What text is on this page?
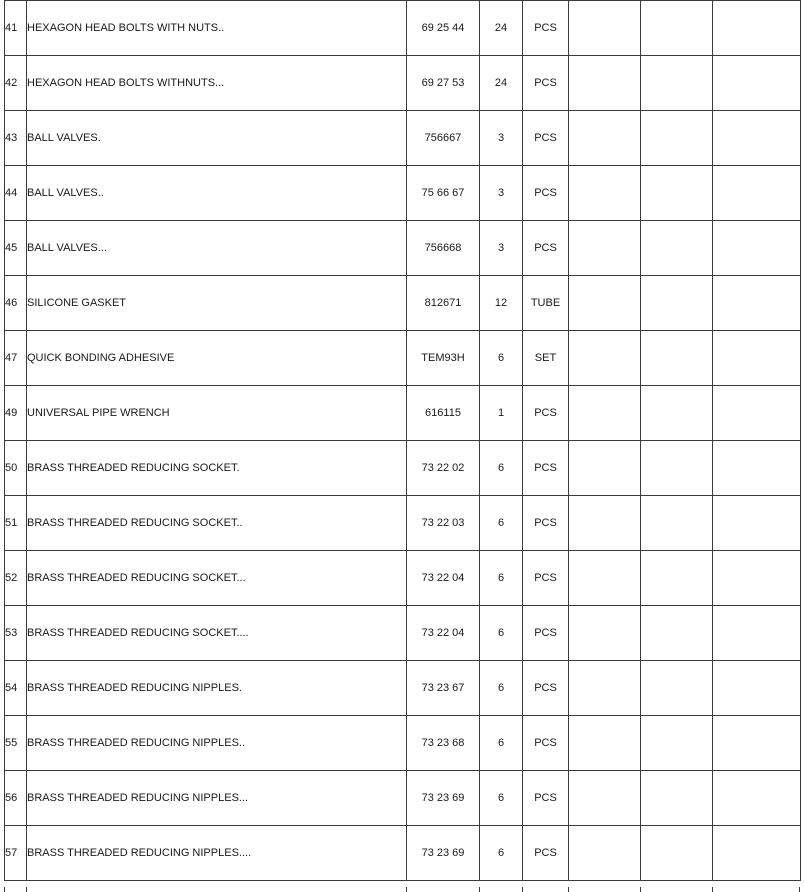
41	HEXAGON HEAD BOLTS WITH NUTS..	69 25 44	24	PCS			
42	HEXAGON HEAD BOLTS WITHNUTS...	69 27 53	24	PCS			
43	BALL VALVES.	756667	3	PCS			
44	BALL VALVES..	75 66 67	3	PCS			
45	BALL VALVES...	756668	3	PCS			
46	SILICONE GASKET	812671	12	TUBE			
47	QUICK BONDING ADHESIVE	TEM93H	6	SET			
49	UNIVERSAL PIPE WRENCH	616115	1	PCS			
50	BRASS THREADED REDUCING SOCKET.	73 22 02	6	PCS			
51	BRASS THREADED REDUCING SOCKET..	73 22 03	6	PCS			
52	BRASS THREADED REDUCING SOCKET...	73 22 04	6	PCS			
53	BRASS THREADED REDUCING SOCKET....	73 22 04	6	PCS			
54	BRASS THREADED REDUCING NIPPLES.	73 23 67	6	PCS			
55	BRASS THREADED REDUCING NIPPLES..	73 23 68	6	PCS			
56	BRASS THREADED REDUCING NIPPLES...	73 23 69	6	PCS			
57	BRASS THREADED REDUCING NIPPLES....	73 23 69	6	PCS			
